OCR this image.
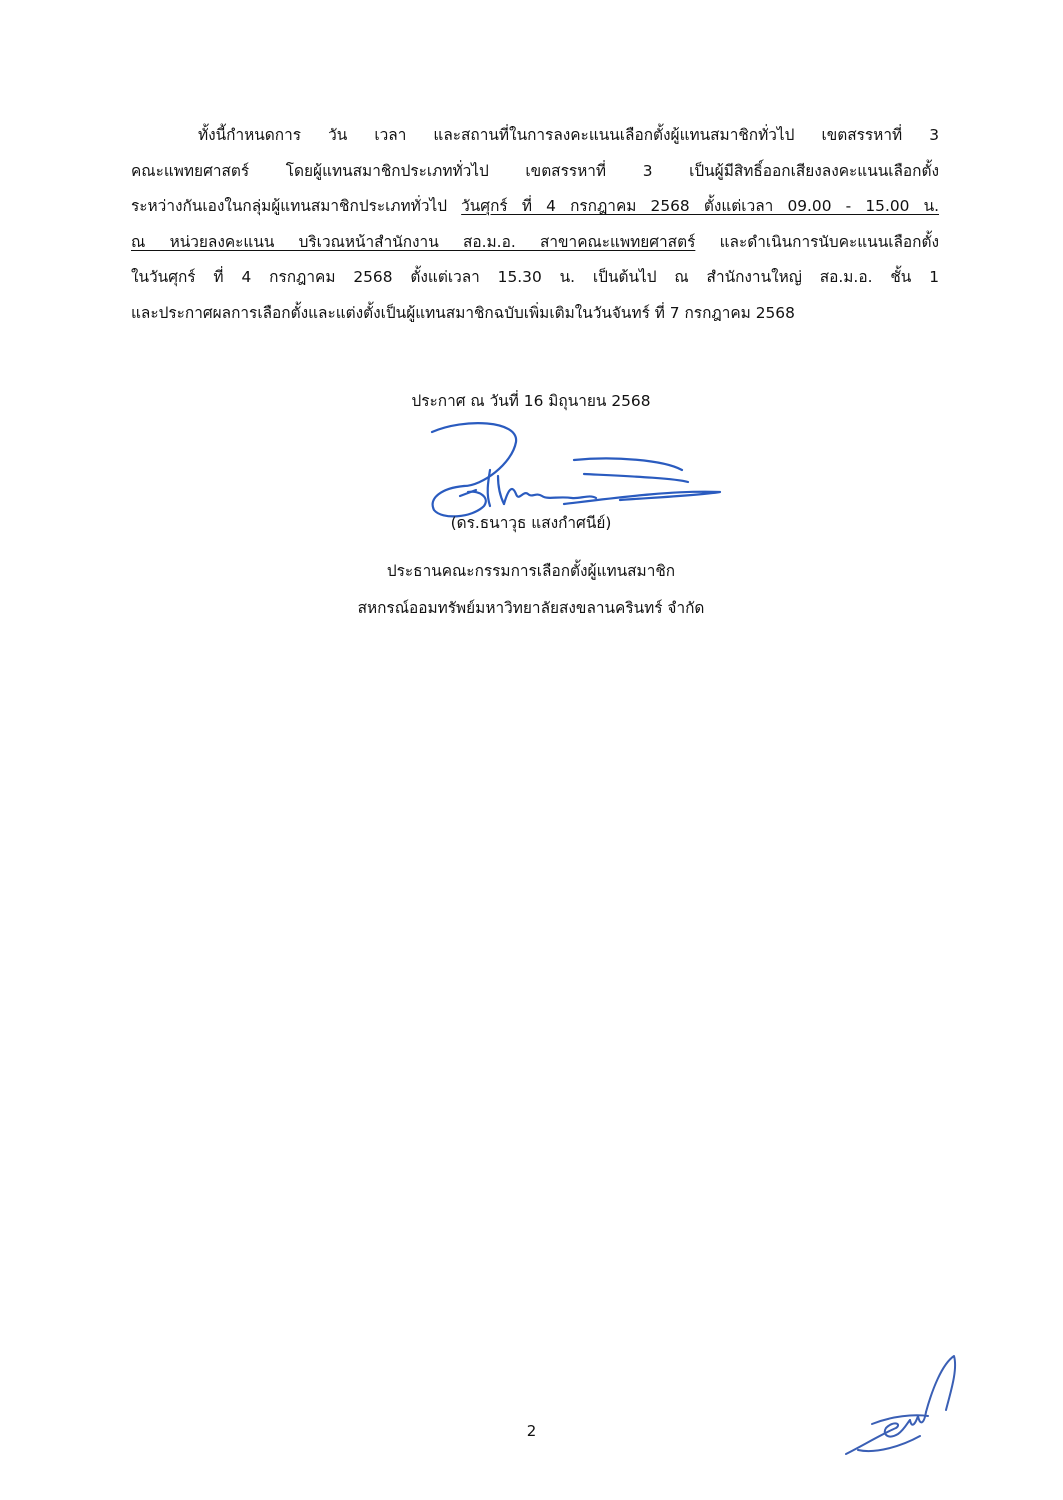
ทั้งนี้กำหนดการ วัน เวลา และสถานที่ในการลงคะแนนเลือกตั้งผู้แทนสมาชิกทั่วไป เขตสรรหาที่ 3
คณะแพทยศาสตร์ โดยผู้แทนสมาชิกประเภททั่วไป เขตสรรหาที่ 3 เป็นผู้มีสิทธิ์ออกเสียงลงคะแนนเลือกตั้ง
ระหว่างกันเองในกลุ่มผู้แทนสมาชิกประเภททั่วไป วันศุกร์ ที่ 4 กรกฎาคม 2568 ตั้งแต่เวลา 09.00 - 15.00 น.
ณ หน่วยลงคะแนน บริเวณหน้าสำนักงาน สอ.ม.อ. สาขาคณะแพทยศาสตร์ และดำเนินการนับคะแนนเลือกตั้ง
ในวันศุกร์ ที่ 4 กรกฎาคม 2568 ตั้งแต่เวลา 15.30 น. เป็นต้นไป ณ สำนักงานใหญ่ สอ.ม.อ. ชั้น 1
และประกาศผลการเลือกตั้งและแต่งตั้งเป็นผู้แทนสมาชิกฉบับเพิ่มเติมในวันจันทร์ ที่ 7 กรกฎาคม 2568
ประกาศ ณ วันที่ 16 มิถุนายน 2568
(ดร.ธนาวุธ แสงกำศนีย์)
ประธานคณะกรรมการเลือกตั้งผู้แทนสมาชิก
สหกรณ์ออมทรัพย์มหาวิทยาลัยสงขลานครินทร์ จำกัด
2
